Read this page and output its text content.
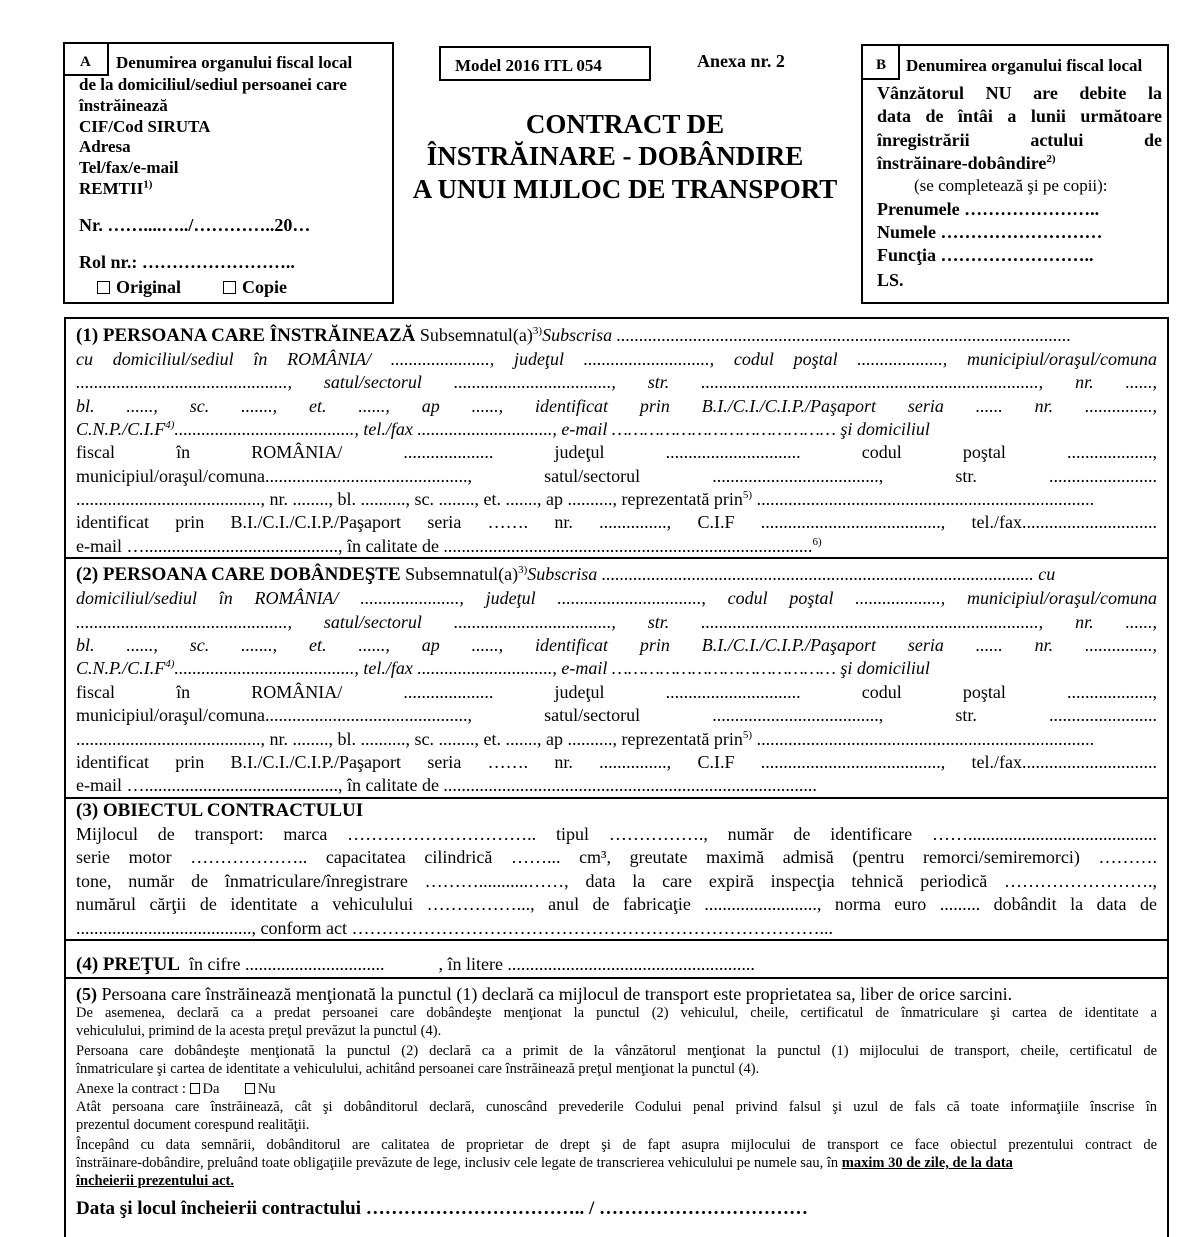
A Denumirea organului fiscal local
de la domiciliul/sediul persoanei care
înstrăinează
CIF/Cod SIRUTA
Adresa
Tel/fax/e-mail
REMTII$^{1)}$
Nr. ……....…../…………..20…
Rol nr.: ……………………..
Original	Copie
Model 2016 ITL 054	Anexa nr. 2
CONTRACT DE
ÎNSTRĂINARE - DOBÂNDIRE
A UNUI MIJLOC DE TRANSPORT
B Denumirea organului fiscal local
Vânzătorul NU are debite la
data de întâi a lunii următoare
înregistrării actului de
înstrăinare-dobândire$^{2)}$
(se completează şi pe copii):
Prenumele …………………..
Numele ………………………
Funcţia ……………………..
LS.
(1) PERSOANA CARE ÎNSTRĂINEAZĂ $Subsemnatul(a)^{3)}Subscrisa$ .....................................................................................................
cu domiciliul/sediul în ROMÂNIA/ ......................, judeţul ............................, codul poştal ..................., municipiul/oraşul/comuna
..............................................., satul/sectorul ..................................., str. ..........................................................................., nr. ......,
bl. ......, sc. ......., et. ......, ap ......, identificat prin B.I./C.I./C.I.P./Paşaport seria ...... nr. ...............,
$C.N.P./C.I.F^{4)}$........................................, tel./fax .............................., e-mail …………………………………… şi domiciliul
fiscal în ROMÂNIA/ .................... judeţul .............................. codul poştal ...................,
municipiul/oraşul/comuna............................................., satul/sectorul ....................................., str. ........................
........................................., nr. ........, bl. .........., sc. ........, et. ......., ap .........., reprezentată prin$^{5)}$ ...........................................................................
identificat prin B.I./C.I./C.I.P./Paşaport seria ……. nr. ..............., C.I.F ........................................, tel./fax..............................
e-mail …..........................................., în calitate de ..................................................................................$^{6)}$
(2) PERSOANA CARE DOBÂNDEŞTE $Subsemnatul(a)^{3)}Subscrisa$ ................................................................................................ cu
domiciliul/sediul în ROMÂNIA/ ......................, judeţul ................................, codul poştal ..................., municipiul/oraşul/comuna
..............................................., satul/sectorul ..................................., str. ..........................................................................., nr. ......,
bl. ......, sc. ......., et. ......, ap ......, identificat prin B.I./C.I./C.I.P./Paşaport seria ...... nr. ...............,
$C.N.P./C.I.F^{4)}$........................................, tel./fax .............................., e-mail …………………………………… şi domiciliul
fiscal în ROMÂNIA/ .................... judeţul .............................. codul poştal ...................,
municipiul/oraşul/comuna............................................., satul/sectorul ....................................., str. ........................
........................................., nr. ........, bl. .........., sc. ........, et. ......., ap .........., reprezentată prin$^{5)}$ ...........................................................................
identificat prin B.I./C.I./C.I.P./Paşaport seria ……. nr. ..............., C.I.F ........................................, tel./fax..............................
e-mail …..........................................., în calitate de ...................................................................................
(3) OBIECTUL CONTRACTULUI
Mijlocul de transport: marca ………………………….. tipul ……………., număr de identificare ……..........................................
serie motor ……………….. capacitatea cilindrică ……... cm³, greutate maximă admisă (pentru remorci/semiremorci) ……….
tone, număr de înmatriculare/înregistrare ………...........……, data la care expiră inspecţia tehnică periodică …………………….,
numărul cărţii de identitate a vehiculului ……………..., anul de fabricaţie ........................., norma euro ......... dobândit la data de
......................................., conform act ……………………………………………………………………...
(4) PREŢUL în cifre ...............................	, în litere .......................................................
(5) Persoana care înstrăinează menţionată la punctul (1) declară ca mijlocul de transport este proprietatea sa, liber de orice sarcini.
De asemenea, declară ca a predat persoanei care dobândeşte menţionat la punctul (2) vehiculul, cheile, certificatul de înmatriculare şi cartea de identitate a
vehiculului, primind de la acesta preţul prevăzut la punctul (4).
Persoana care dobândeşte menţionată la punctul (2) declară ca a primit de la vânzătorul menţionat la punctul (1) mijlocului de transport, cheile, certificatul de
înmatriculare şi cartea de identitate a vehiculului, achitând persoanei care înstrăinează preţul menţionat la punctul (4).
Anexe la contract : Da	Nu
Atât persoana care înstrăinează, cât şi dobânditorul declară, cunoscând prevederile Codului penal privind falsul şi uzul de fals că toate informaţiile înscrise în
prezentul document corespund realităţii.
Începând cu data semnării, dobânditorul are calitatea de proprietar de drept şi de fapt asupra mijlocului de transport ce face obiectul prezentului contract de
înstrăinare-dobândire, preluând toate obligaţiile prevăzute de lege, inclusiv cele legate de transcrierea vehiculului pe numele sau, în maxim 30 de zile, de la data
încheierii prezentului act.
Data şi locul încheierii contractului …………………………….. / ……………………………
